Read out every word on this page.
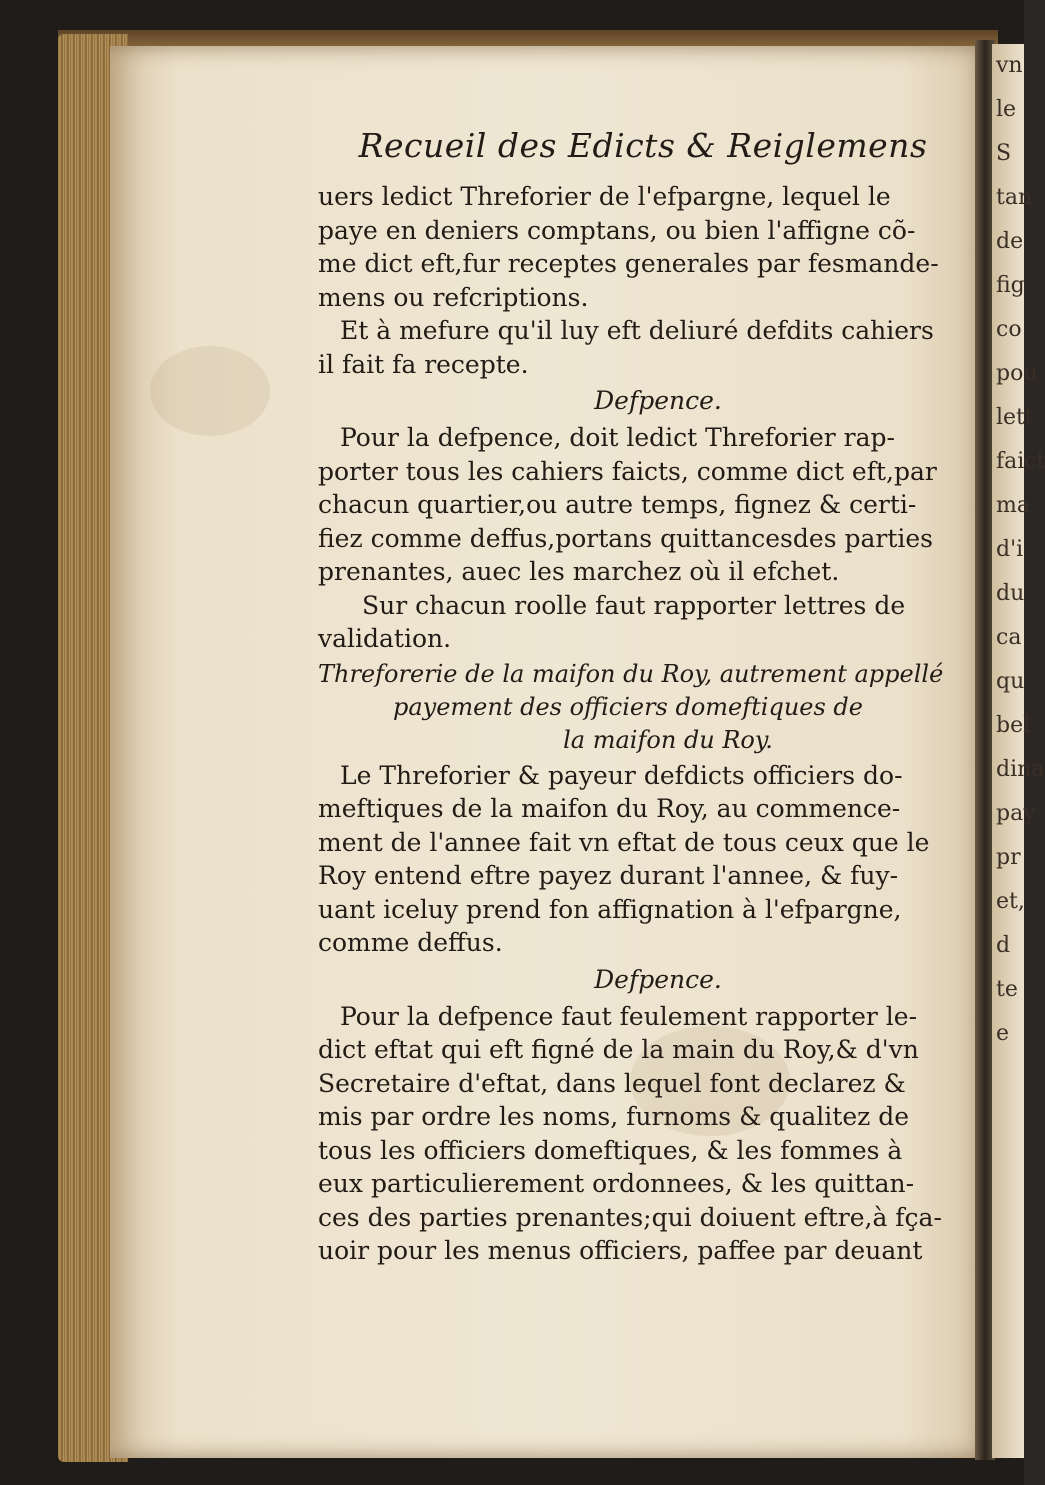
vn
le
S
tan
de
fig
co
pou
lett
faict
ma
d'i
du
ca
qu
bel
dina
pay
pr
et,
d
te
e
Recueil des Edicts & Reiglemens
uers ledict Threforier de l'efpargne, lequel le
paye en deniers comptans, ou bien l'affigne cõ-
me dict eft,fur receptes generales par fesmande-
mens ou refcriptions.
Et à mefure qu'il luy eft deliuré defdits cahiers
il fait fa recepte.
Defpence.
Pour la defpence, doit ledict Threforier rap-
porter tous les cahiers faicts, comme dict eft,par
chacun quartier,ou autre temps, fignez & certi-
fiez comme deffus,portans quittancesdes parties
prenantes, auec les marchez où il efchet.
Sur chacun roolle faut rapporter lettres de
validation.
Threforerie de la maifon du Roy, autrement appellé
payement des officiers domeftiques de
la maifon du Roy.
Le Threforier & payeur defdicts officiers do-
meftiques de la maifon du Roy, au commence-
ment de l'annee fait vn eftat de tous ceux que le
Roy entend eftre payez durant l'annee, & fuy-
uant iceluy prend fon affignation à l'efpargne,
comme deffus.
Defpence.
Pour la defpence faut feulement rapporter le-
dict eftat qui eft figné de la main du Roy,& d'vn
Secretaire d'eftat, dans lequel font declarez &
mis par ordre les noms, furnoms & qualitez de
tous les officiers domeftiques, & les fommes à
eux particulierement ordonnees, & les quittan-
ces des parties prenantes;qui doiuent eftre,à fça-
uoir pour les menus officiers, paffee par deuant
